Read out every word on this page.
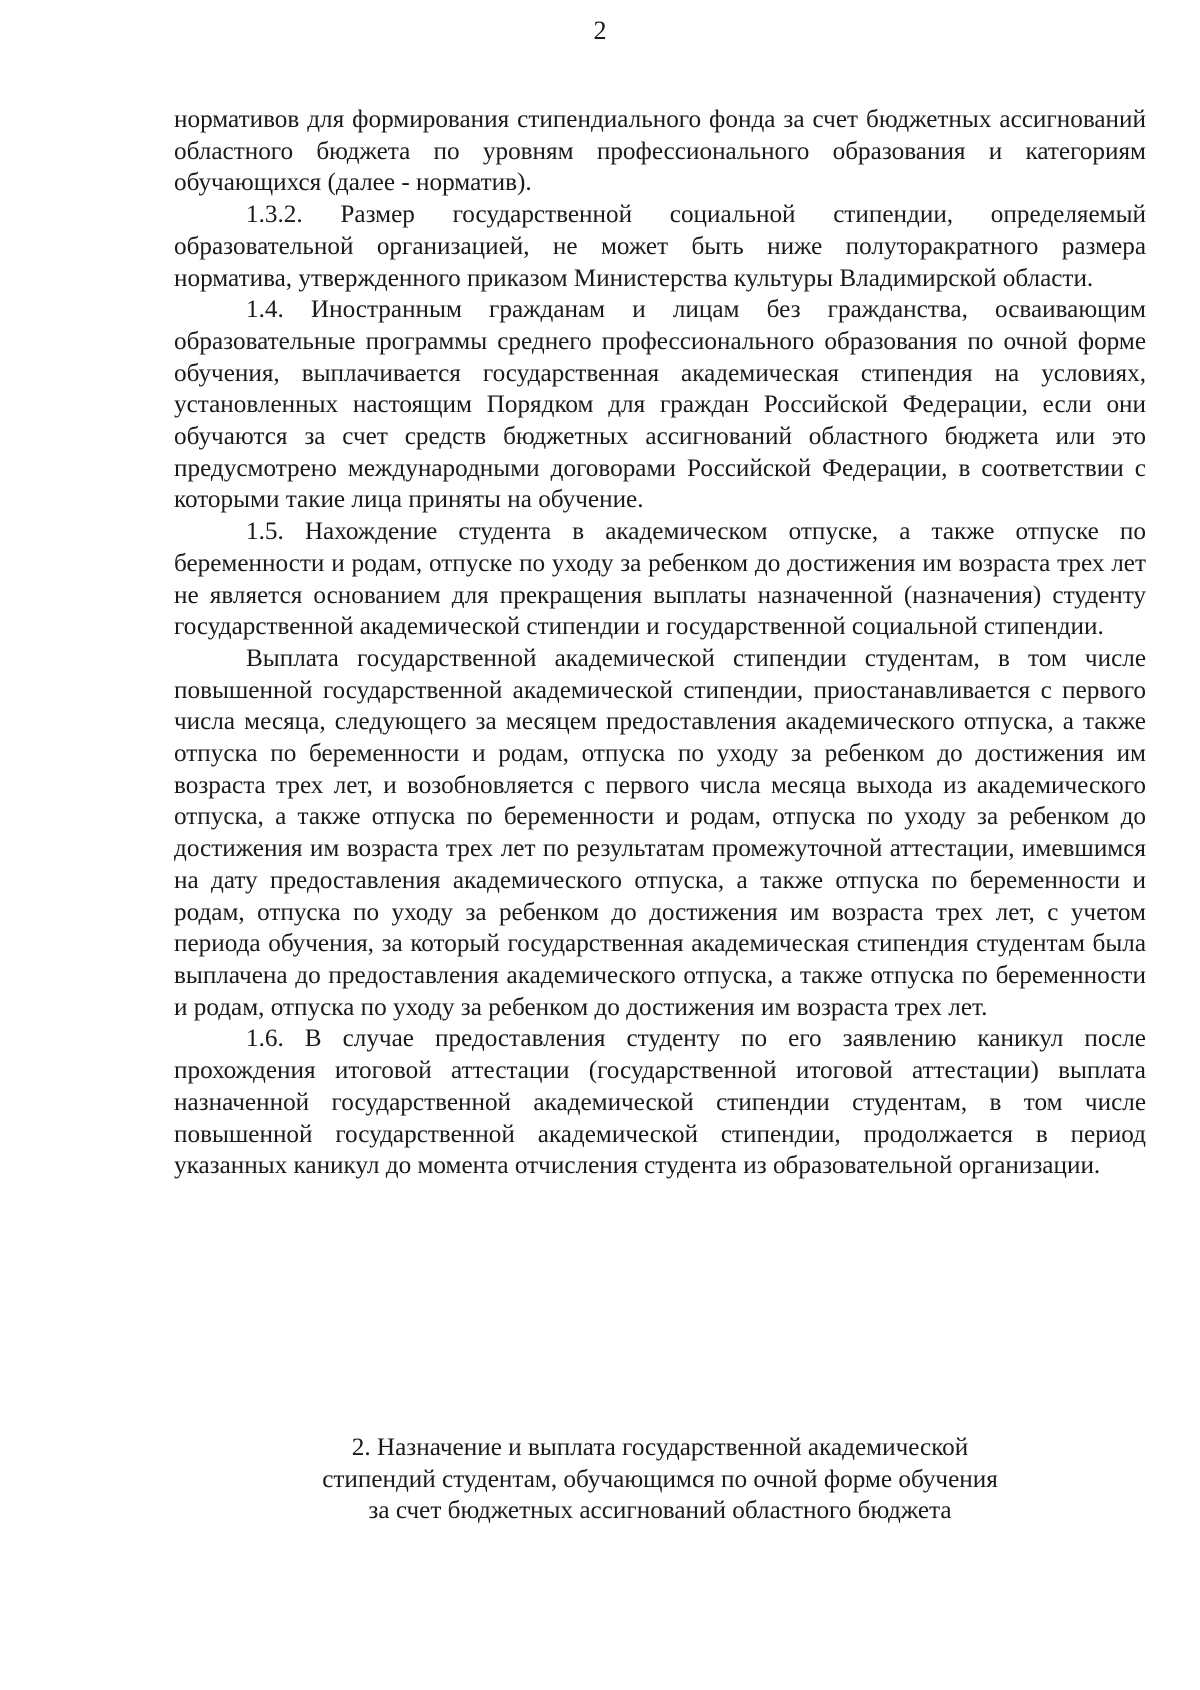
2

нормативов для формирования стипендиального фонда за счет бюджетных ассигнований областного бюджета по уровням профессионального образования и категориям обучающихся (далее - норматив).

1.3.2. Размер государственной социальной стипендии, определяемый образовательной организацией, не может быть ниже полуторакратного размера норматива, утвержденного приказом Министерства культуры Владимирской области.

1.4. Иностранным гражданам и лицам без гражданства, осваивающим образовательные программы среднего профессионального образования по очной форме обучения, выплачивается государственная академическая стипендия на условиях, установленных настоящим Порядком для граждан Российской Федерации, если они обучаются за счет средств бюджетных ассигнований областного бюджета или это предусмотрено международными договорами Российской Федерации, в соответствии с которыми такие лица приняты на обучение.

1.5. Нахождение студента в академическом отпуске, а также отпуске по беременности и родам, отпуске по уходу за ребенком до достижения им возраста трех лет не является основанием для прекращения выплаты назначенной (назначения) студенту государственной академической стипендии и государственной социальной стипендии.

Выплата государственной академической стипендии студентам, в том числе повышенной государственной академической стипендии, приостанавливается с первого числа месяца, следующего за месяцем предоставления академического отпуска, а также отпуска по беременности и родам, отпуска по уходу за ребенком до достижения им возраста трех лет, и возобновляется с первого числа месяца выхода из академического отпуска, а также отпуска по беременности и родам, отпуска по уходу за ребенком до достижения им возраста трех лет по результатам промежуточной аттестации, имевшимся на дату предоставления академического отпуска, а также отпуска по беременности и родам, отпуска по уходу за ребенком до достижения им возраста трех лет, с учетом периода обучения, за который государственная академическая стипендия студентам была выплачена до предоставления академического отпуска, а также отпуска по беременности и родам, отпуска по уходу за ребенком до достижения им возраста трех лет.

1.6. В случае предоставления студенту по его заявлению каникул после прохождения итоговой аттестации (государственной итоговой аттестации) выплата назначенной государственной академической стипендии студентам, в том числе повышенной государственной академической стипендии, продолжается в период указанных каникул до момента отчисления студента из образовательной организации.

2. Назначение и выплата государственной академической
стипендий студентам, обучающимся по очной форме обучения
за счет бюджетных ассигнований областного бюджета
